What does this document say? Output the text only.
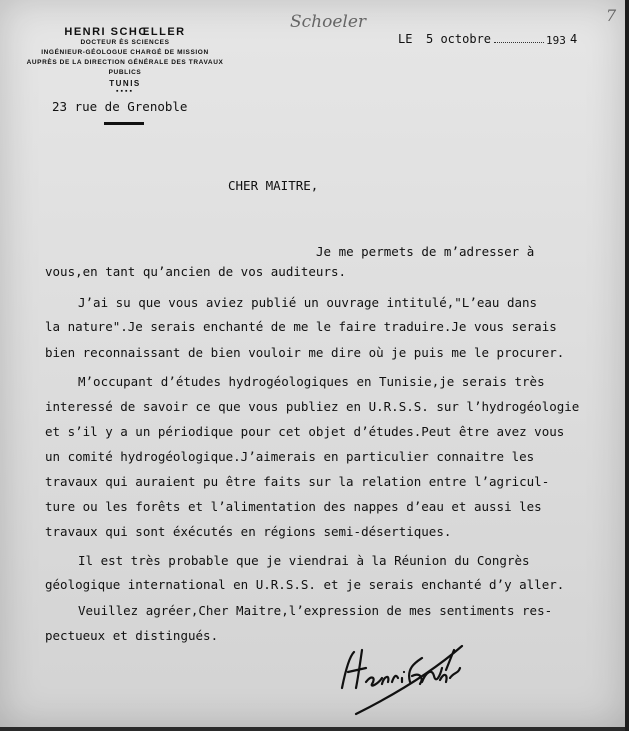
HENRI SCHŒLLER
DOCTEUR ÈS SCIENCES
INGÉNIEUR-GÉOLOGUE CHARGÉ DE MISSION
AUPRÈS DE LA DIRECTION GÉNÉRALE DES TRAVAUX PUBLICS
TUNIS
▪▪▪▪
23 rue de Grenoble
Schoeler	7
LE 5 octobre	193 4
CHER MAITRE,
Je me permets de m’adresser à
vous,en tant qu’ancien de vos auditeurs.
J’ai su que vous aviez publié un ouvrage intitulé,"L’eau dans
la nature".Je serais enchanté de me le faire traduire.Je vous serais
bien reconnaissant de bien vouloir me dire où je puis me le procurer.
M’occupant d’études hydrogéologiques en Tunisie,je serais très
interessé de savoir ce que vous publiez en U.R.S.S. sur l’hydrogéologie
et s’il y a un périodique pour cet objet d’études.Peut être avez vous
un comité hydrogéologique.J’aimerais en particulier connaitre les
travaux qui auraient pu être faits sur la relation entre l’agricul-
ture ou les forêts et l’alimentation des nappes d’eau et aussi les
travaux qui sont éxécutés en régions semi-désertiques.
Il est très probable que je viendrai à la Réunion du Congrès
géologique international en U.R.S.S. et je serais enchanté d’y aller.
Veuillez agréer,Cher Maitre,l’expression de mes sentiments res-
pectueux et distingués.
